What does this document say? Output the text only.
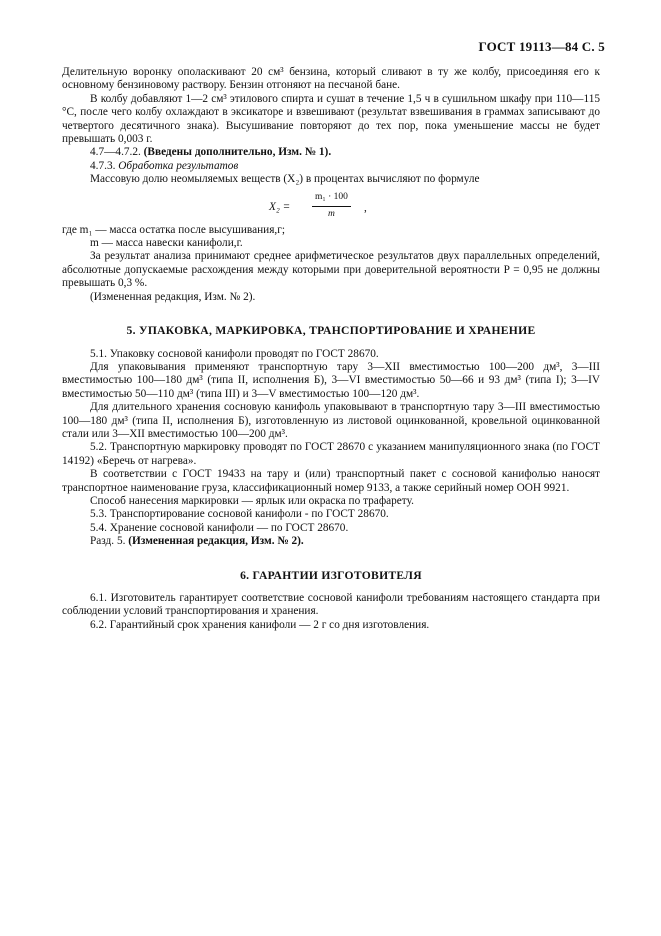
ГОСТ 19113—84 С. 5

Делительную воронку ополаскивают 20 см³ бензина, который сливают в ту же колбу, присоединяя его к основному бензиновому раствору. Бензин отгоняют на песчаной бане.

В колбу добавляют 1—2 см³ этилового спирта и сушат в течение 1,5 ч в сушильном шкафу при 110—115 °С, после чего колбу охлаждают в эксикаторе и взвешивают (результат взвешивания в граммах записывают до четвертого десятичного знака). Высушивание повторяют до тех пор, пока уменьшение массы не будет превышать 0,003 г.

4.7—4.7.2. (Введены дополнительно, Изм. № 1).

4.7.3. Обработка результатов

Массовую долю неомыляемых веществ (X₂) в процентах вычисляют по формуле

$X_2 = \frac{\text{m₁ · 100}}{m}$ ,

где m₁ — масса остатка после высушивания,г;

m — масса навески канифоли,г.

За результат анализа принимают среднее арифметическое результатов двух параллельных определений, абсолютные допускаемые расхождения между которыми при доверительной вероятности P = 0,95 не должны превышать 0,3 %.

(Измененная редакция, Изм. № 2).

5. УПАКОВКА, МАРКИРОВКА, ТРАНСПОРТИРОВАНИЕ И ХРАНЕНИЕ

5.1. Упаковку сосновой канифоли проводят по ГОСТ 28670.

Для упаковывания применяют транспортную тару 3—XII вместимостью 100—200 дм³, 3—III вместимостью 100—180 дм³ (типа II, исполнения Б), 3—VI вместимостью 50—66 и 93 дм³ (типа I); 3—IV вместимостью 50—110 дм³ (типа III) и 3—V вместимостью 100—120 дм³.

Для длительного хранения сосновую канифоль упаковывают в транспортную тару 3—III вместимостью 100—180 дм³ (типа II, исполнения Б), изготовленную из листовой оцинкованной, кровельной оцинкованной стали или 3—XII вместимостью 100—200 дм³.

5.2. Транспортную маркировку проводят по ГОСТ 28670 с указанием манипуляционного знака (по ГОСТ 14192) «Беречь от нагрева».

В соответствии с ГОСТ 19433 на тару и (или) транспортный пакет с сосновой канифолью наносят транспортное наименование груза, классификационный номер 9133, а также серийный номер ООН 9921.

Способ нанесения маркировки — ярлык или окраска по трафарету.

5.3. Транспортирование сосновой канифоли - по ГОСТ 28670.

5.4. Хранение сосновой канифоли — по ГОСТ 28670.

Разд. 5. (Измененная редакция, Изм. № 2).

6. ГАРАНТИИ ИЗГОТОВИТЕЛЯ

6.1. Изготовитель гарантирует соответствие сосновой канифоли требованиям настоящего стандарта при соблюдении условий транспортирования и хранения.

6.2. Гарантийный срок хранения канифоли — 2 г со дня изготовления.
